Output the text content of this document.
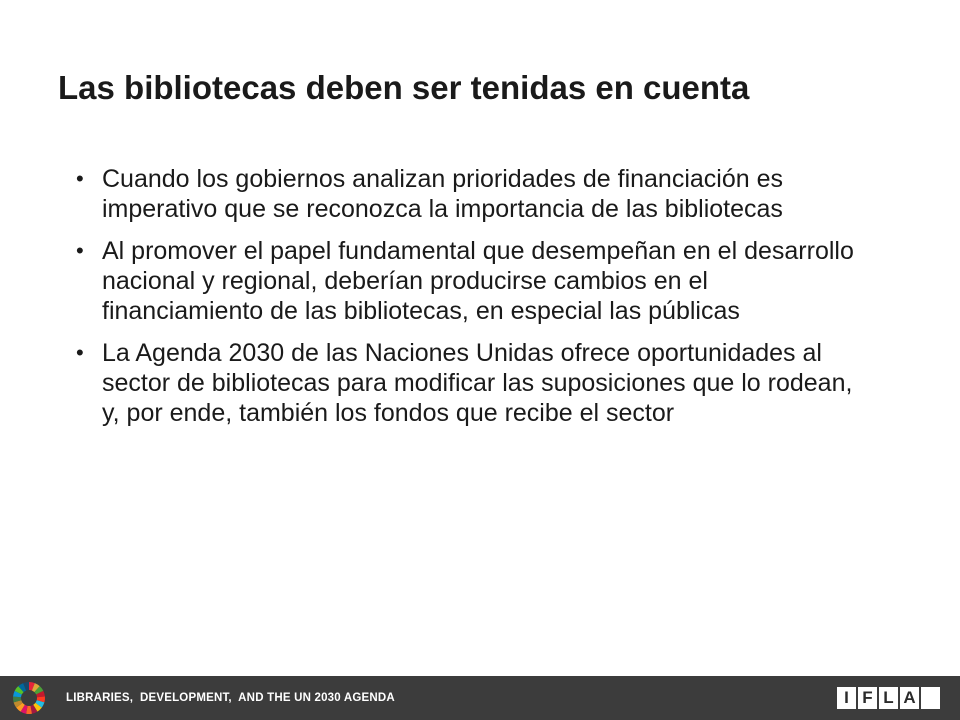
Las bibliotecas deben ser tenidas en cuenta
• Cuando los gobiernos analizan prioridades de financiación es imperativo que se reconozca la importancia de las bibliotecas
• Al promover el papel fundamental que desempeñan en el desarrollo nacional y regional, deberían producirse cambios en el financiamiento de las bibliotecas, en especial las públicas
• La Agenda 2030 de las Naciones Unidas ofrece oportunidades al sector de bibliotecas para modificar las suposiciones que lo rodean, y, por ende, también los fondos que recibe el sector
LIBRARIES,  DEVELOPMENT,  AND THE UN 2030 AGENDA	I F L A
